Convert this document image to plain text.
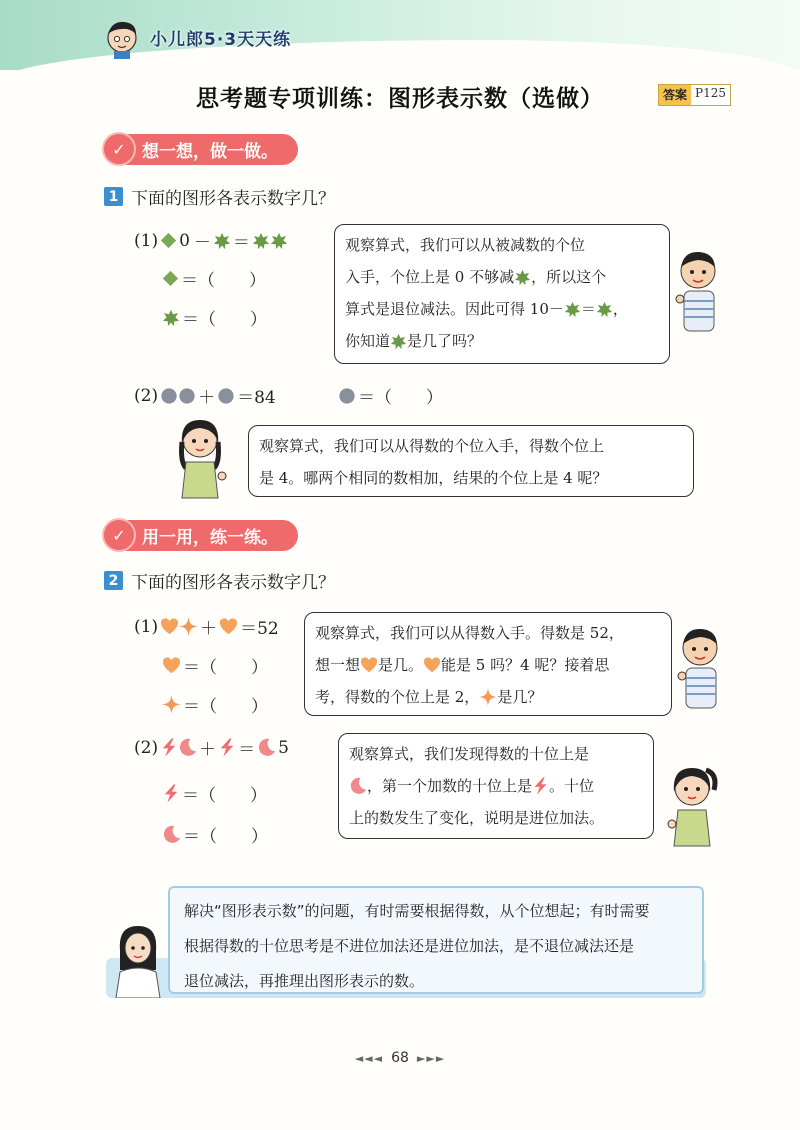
小儿郎5·3天天练
思考题专项训练：图形表示数（选做）	答案 P125
✓ 想一想，做一做。
1 下面的图形各表示数字几？
(1) 0 － ＝
＝（　　）
＝（　　）
观察算式，我们可以从被减数的个位
入手，个位上是 0 不够减 ，所以这个
算式是退位减法。因此可得 10－ ＝ ，
你知道 是几了吗？
(2) ＋ ＝84	＝（　　）
观察算式，我们可以从得数的个位入手，得数个位上
是 4。哪两个相同的数相加，结果的个位上是 4 呢？
✓ 用一用，练一练。
2 下面的图形各表示数字几？
(1) ＋ ＝52
＝（　　）
＝（　　）
观察算式，我们可以从得数入手。得数是 52，
想一想 是几。 能是 5 吗？4 呢？接着思
考，得数的个位上是 2， 是几？
(2) ＋ ＝ 5
＝（　　）
＝（　　）
观察算式，我们发现得数的十位上是
，第一个加数的十位上是 。十位
上的数发生了变化，说明是进位加法。
解决“图形表示数”的问题，有时需要根据得数，从个位想起；有时需要
根据得数的十位思考是不进位加法还是进位加法，是不退位减法还是
退位减法，再推理出图形表示的数。
◄◄◄ 68 ►►►
